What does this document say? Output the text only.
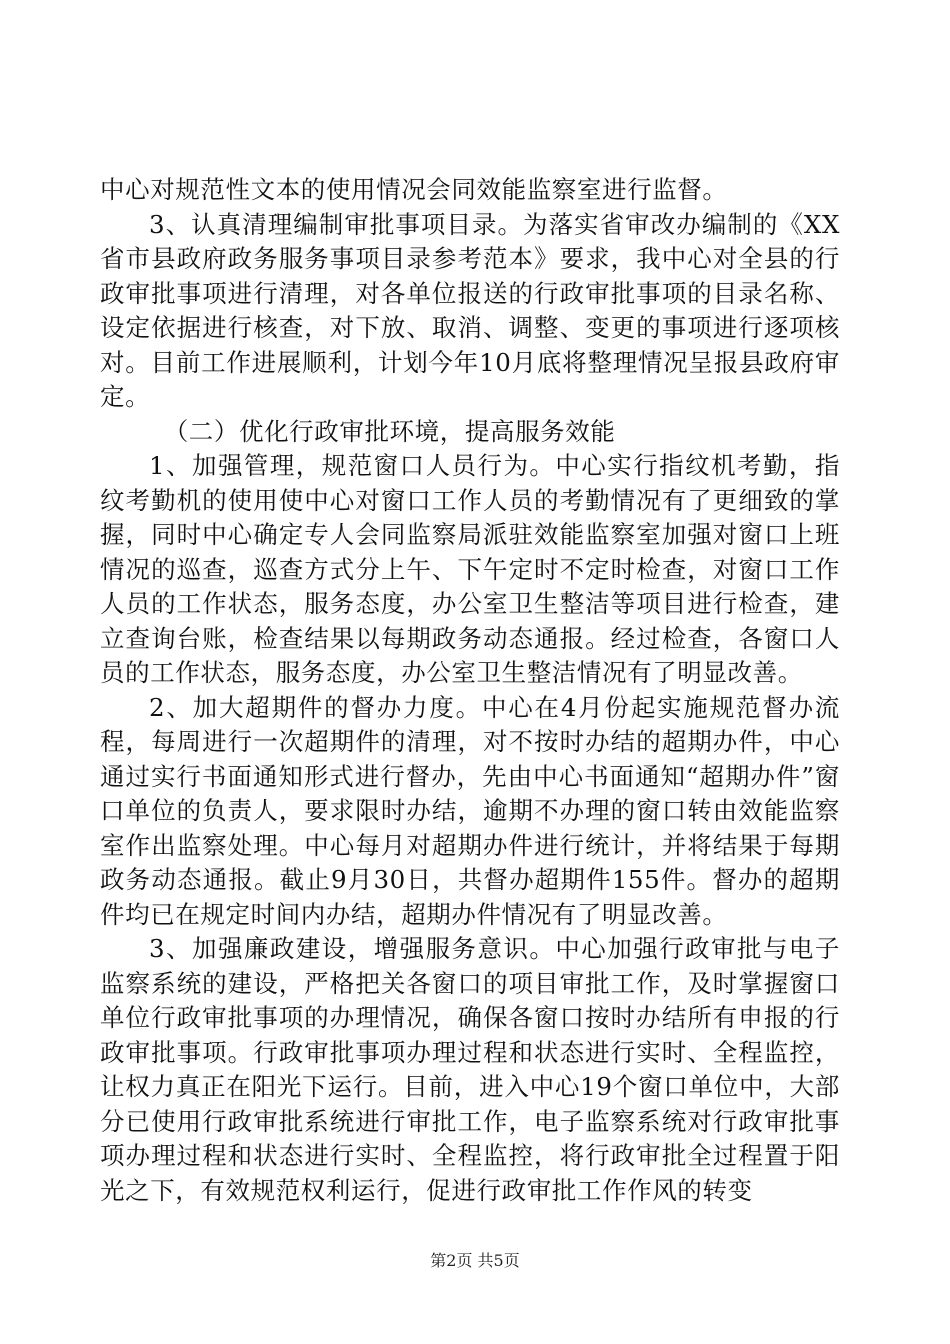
中心对规范性文本的使用情况会同效能监察室进行监督。

3、认真清理编制审批事项目录。为落实省审改办编制的《XX省市县政府政务服务事项目录参考范本》要求，我中心对全县的行政审批事项进行清理，对各单位报送的行政审批事项的目录名称、设定依据进行核查，对下放、取消、调整、变更的事项进行逐项核对。目前工作进展顺利，计划今年10月底将整理情况呈报县政府审定。

（二）优化行政审批环境，提高服务效能

1、加强管理，规范窗口人员行为。中心实行指纹机考勤，指纹考勤机的使用使中心对窗口工作人员的考勤情况有了更细致的掌握，同时中心确定专人会同监察局派驻效能监察室加强对窗口上班情况的巡查，巡查方式分上午、下午定时不定时检查，对窗口工作人员的工作状态，服务态度，办公室卫生整洁等项目进行检查，建立查询台账，检查结果以每期政务动态通报。经过检查，各窗口人员的工作状态，服务态度，办公室卫生整洁情况有了明显改善。

2、加大超期件的督办力度。中心在4月份起实施规范督办流程，每周进行一次超期件的清理，对不按时办结的超期办件，中心通过实行书面通知形式进行督办，先由中心书面通知“超期办件”窗口单位的负责人，要求限时办结，逾期不办理的窗口转由效能监察室作出监察处理。中心每月对超期办件进行统计，并将结果于每期政务动态通报。截止9月30日，共督办超期件155件。督办的超期件均已在规定时间内办结，超期办件情况有了明显改善。

3、加强廉政建设，增强服务意识。中心加强行政审批与电子监察系统的建设，严格把关各窗口的项目审批工作，及时掌握窗口单位行政审批事项的办理情况，确保各窗口按时办结所有申报的行政审批事项。行政审批事项办理过程和状态进行实时、全程监控，让权力真正在阳光下运行。目前，进入中心19个窗口单位中，大部分已使用行政审批系统进行审批工作，电子监察系统对行政审批事项办理过程和状态进行实时、全程监控，将行政审批全过程置于阳光之下，有效规范权利运行，促进行政审批工作作风的转变

第2页 共5页
